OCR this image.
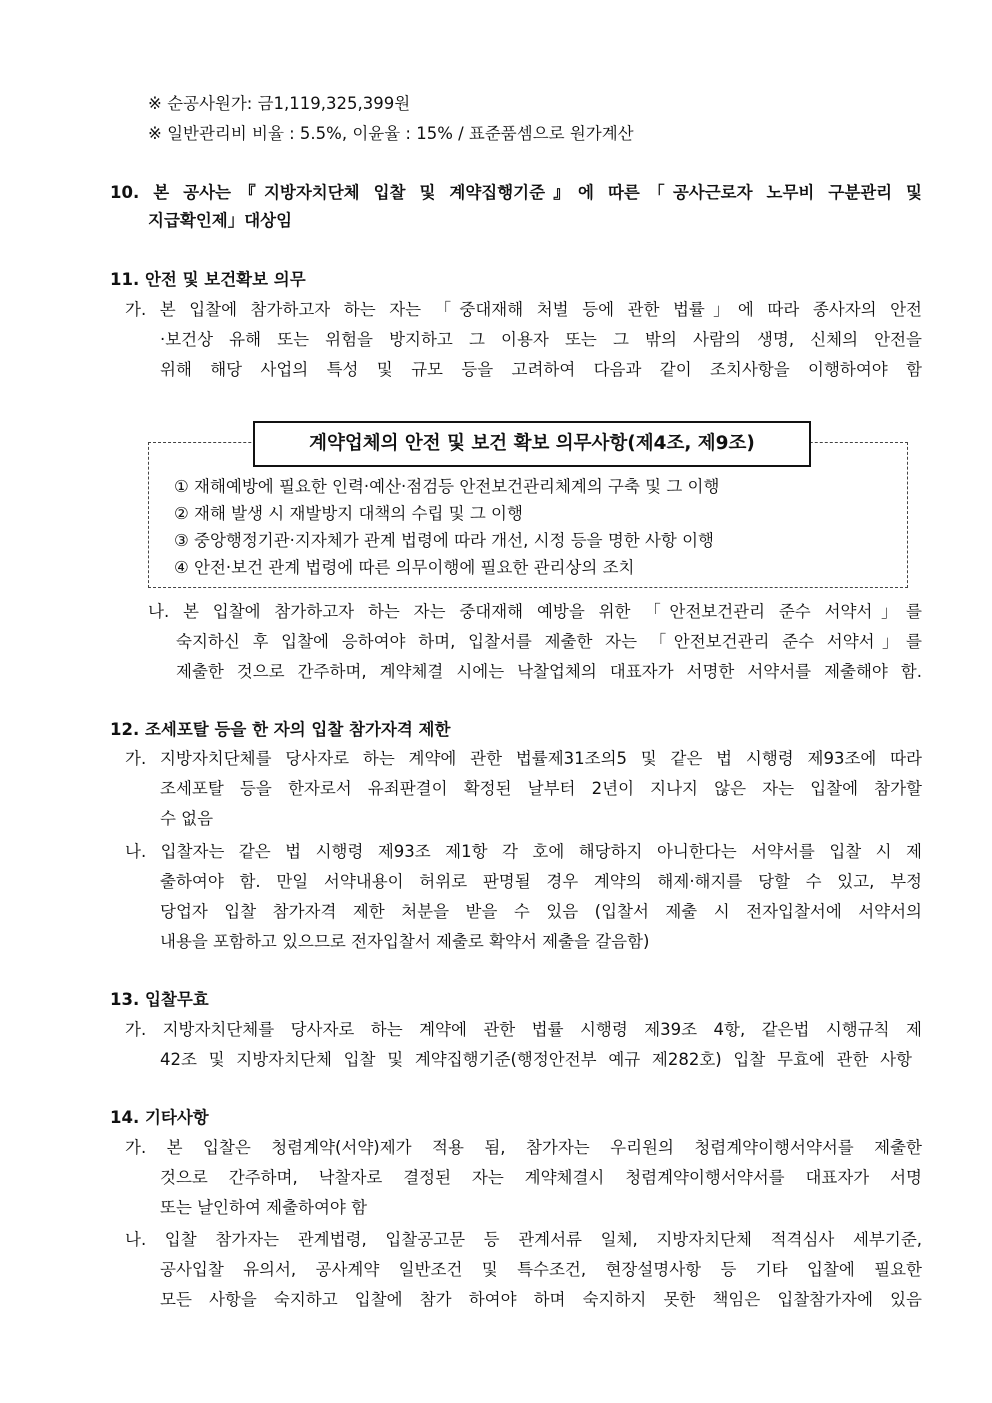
※ 순공사원가: 금1,119,325,399원
※ 일반관리비 비율 : 5.5%, 이윤율 : 15% / 표준품셈으로 원가계산
10. 본 공사는『지방자치단체 입찰 및 계약집행기준』에 따른「공사근로자 노무비 구분관리 및
지급확인제」대상임
11. 안전 및 보건확보 의무
가. 본 입찰에 참가하고자 하는 자는 「중대재해 처벌 등에 관한 법률」에 따라 종사자의 안전
·보건상 유해 또는 위험을 방지하고 그 이용자 또는 그 밖의 사람의 생명, 신체의 안전을
위해 해당 사업의 특성 및 규모 등을 고려하여 다음과 같이 조치사항을 이행하여야 함
계약업체의 안전 및 보건 확보 의무사항(제4조, 제9조)
① 재해예방에 필요한 인력·예산·점검등 안전보건관리체계의 구축 및 그 이행
② 재해 발생 시 재발방지 대책의 수립 및 그 이행
③ 중앙행정기관·지자체가 관계 법령에 따라 개선, 시정 등을 명한 사항 이행
④ 안전·보건 관계 법령에 따른 의무이행에 필요한 관리상의 조치
나. 본 입찰에 참가하고자 하는 자는 중대재해 예방을 위한 「안전보건관리 준수 서약서」를
숙지하신 후 입찰에 응하여야 하며, 입찰서를 제출한 자는 「안전보건관리 준수 서약서」를
제출한 것으로 간주하며, 계약체결 시에는 낙찰업체의 대표자가 서명한 서약서를 제출해야 함.
12. 조세포탈 등을 한 자의 입찰 참가자격 제한
가. 지방자치단체를 당사자로 하는 계약에 관한 법률제31조의5 및 같은 법 시행령 제93조에 따라
조세포탈 등을 한자로서 유죄판결이 확정된 날부터 2년이 지나지 않은 자는 입찰에 참가할
수 없음
나. 입찰자는 같은 법 시행령 제93조 제1항 각 호에 해당하지 아니한다는 서약서를 입찰 시 제
출하여야 함. 만일 서약내용이 허위로 판명될 경우 계약의 해제·해지를 당할 수 있고, 부정
당업자 입찰 참가자격 제한 처분을 받을 수 있음 (입찰서 제출 시 전자입찰서에 서약서의
내용을 포함하고 있으므로 전자입찰서 제출로 확약서 제출을 갈음함)
13. 입찰무효
가. 지방자치단체를 당사자로 하는 계약에 관한 법률 시행령 제39조 4항, 같은법 시행규칙 제
42조 및 지방자치단체 입찰 및 계약집행기준(행정안전부 예규 제282호) 입찰 무효에 관한 사항
14. 기타사항
가. 본 입찰은 청렴계약(서약)제가 적용 됨, 참가자는 우리원의 청렴계약이행서약서를 제출한
것으로 간주하며, 낙찰자로 결정된 자는 계약체결시 청렴계약이행서약서를 대표자가 서명
또는 날인하여 제출하여야 함
나. 입찰 참가자는 관계법령, 입찰공고문 등 관계서류 일체, 지방자치단체 적격심사 세부기준,
공사입찰 유의서, 공사계약 일반조건 및 특수조건, 현장설명사항 등 기타 입찰에 필요한
모든 사항을 숙지하고 입찰에 참가 하여야 하며 숙지하지 못한 책임은 입찰참가자에 있음
